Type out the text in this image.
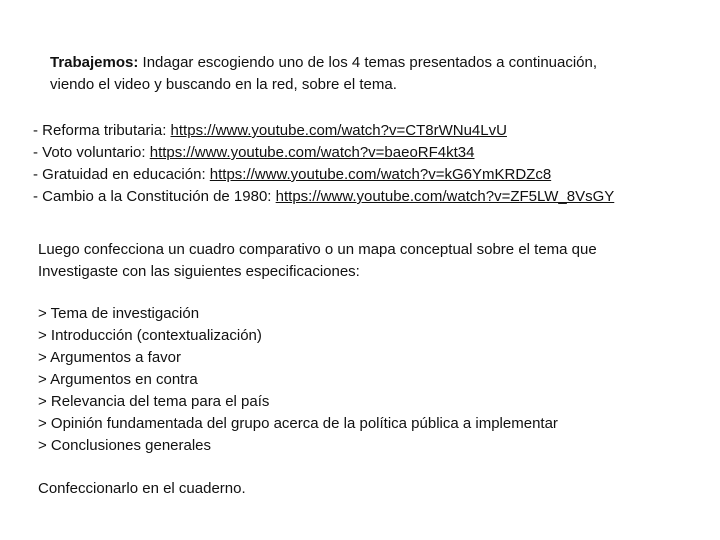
Trabajemos: Indagar escogiendo uno de los 4 temas presentados a continuación,
viendo el video y buscando en la red, sobre el tema.
- Reforma tributaria: https://www.youtube.com/watch?v=CT8rWNu4LvU
- Voto voluntario: https://www.youtube.com/watch?v=baeoRF4kt34
- Gratuidad en educación: https://www.youtube.com/watch?v=kG6YmKRDZc8
- Cambio a la Constitución de 1980: https://www.youtube.com/watch?v=ZF5LW_8VsGY
Luego confecciona un cuadro comparativo o un mapa conceptual sobre el tema que
Investigaste con las siguientes especificaciones:
> Tema de investigación
> Introducción (contextualización)
> Argumentos a favor
> Argumentos en contra
> Relevancia del tema para el país
> Opinión fundamentada del grupo acerca de la política pública a implementar
> Conclusiones generales
Confeccionarlo en el cuaderno.
